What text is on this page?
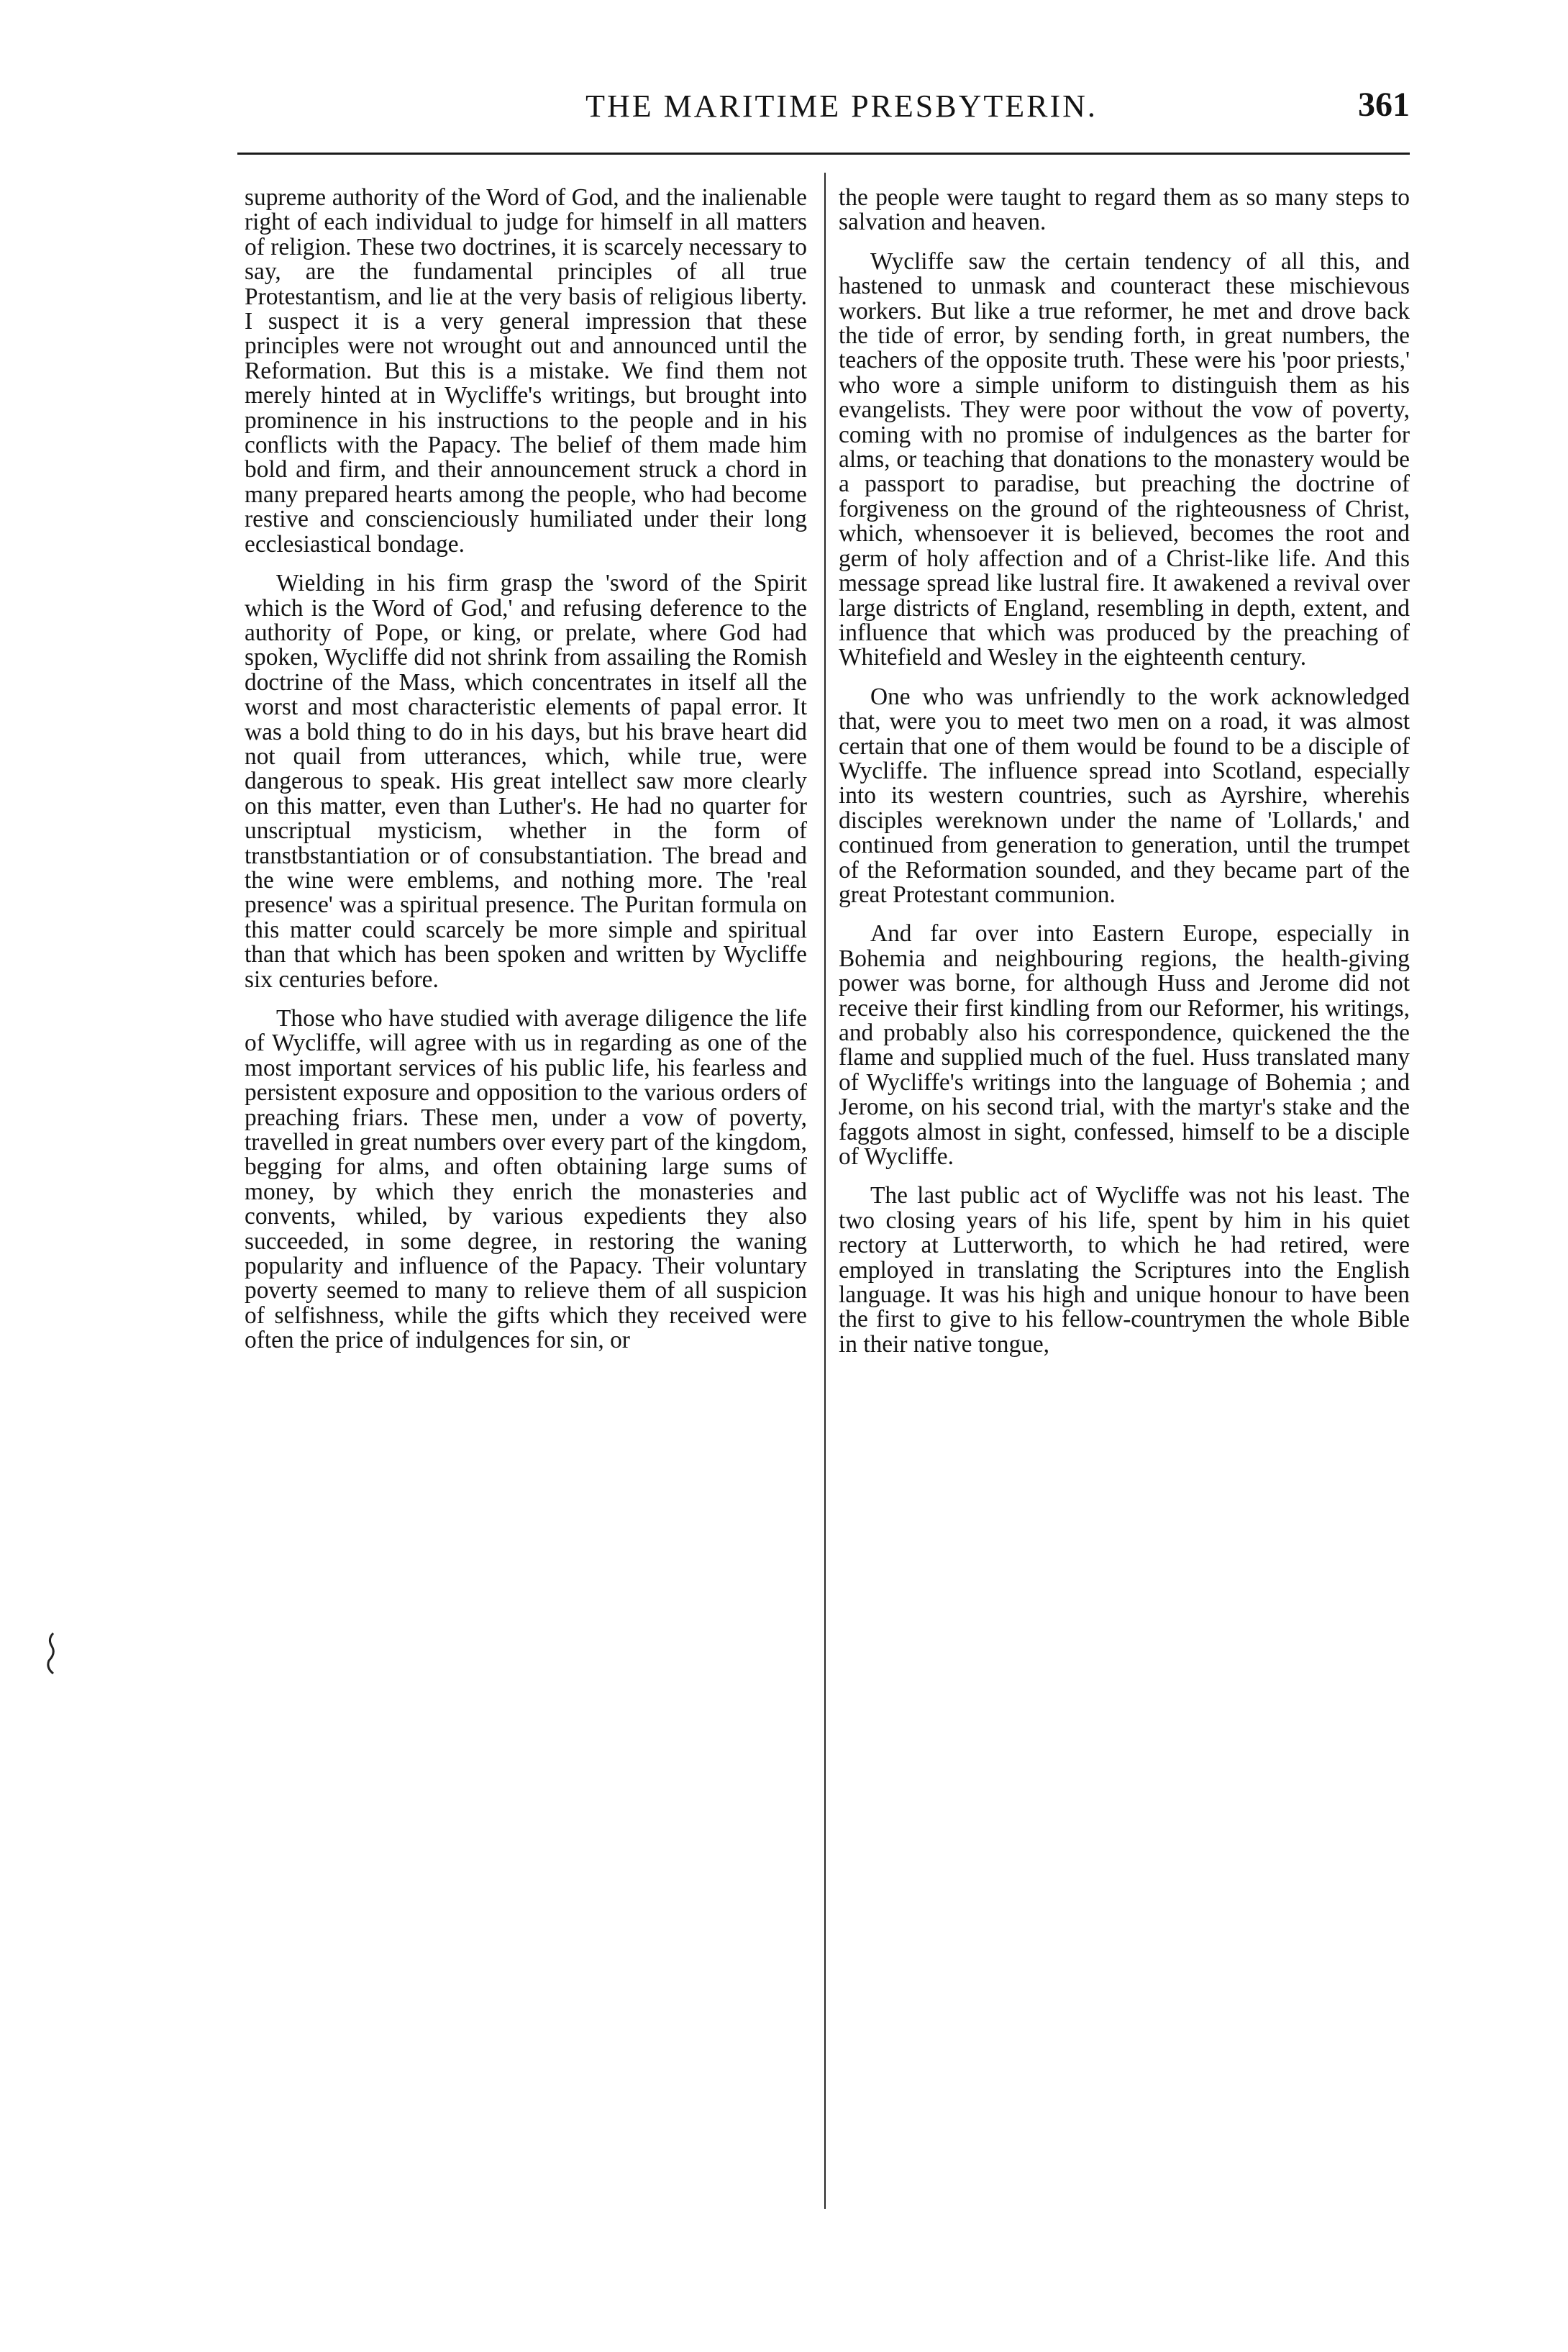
THE MARITIME PRESBYTERIN.	361

supreme authority of the Word of God, and the inalienable right of each individual to judge for himself in all matters of religion. These two doctrines, it is scarcely necessary to say, are the fundamental principles of all true Protestantism, and lie at the very basis of religious liberty. I suspect it is a very general impression that these principles were not wrought out and announced until the Reformation. But this is a mistake. We find them not merely hinted at in Wycliffe's writings, but brought into prominence in his instructions to the people and in his conflicts with the Papacy. The belief of them made him bold and firm, and their announcement struck a chord in many prepared hearts among the people, who had become restive and conscienciously humiliated under their long ecclesiastical bondage.

Wielding in his firm grasp the 'sword of the Spirit which is the Word of God,' and refusing deference to the authority of Pope, or king, or prelate, where God had spoken, Wycliffe did not shrink from assailing the Romish doctrine of the Mass, which concentrates in itself all the worst and most characteristic elements of papal error. It was a bold thing to do in his days, but his brave heart did not quail from utterances, which, while true, were dangerous to speak. His great intellect saw more clearly on this matter, even than Luther's. He had no quarter for unscriptual mysticism, whether in the form of transtbstantiation or of consubstantiation. The bread and the wine were emblems, and nothing more. The 'real presence' was a spiritual presence. The Puritan formula on this matter could scarcely be more simple and spiritual than that which has been spoken and written by Wycliffe six centuries before.

Those who have studied with average diligence the life of Wycliffe, will agree with us in regarding as one of the most important services of his public life, his fearless and persistent exposure and opposition to the various orders of preaching friars. These men, under a vow of poverty, travelled in great numbers over every part of the kingdom, begging for alms, and often obtaining large sums of money, by which they enrich the monasteries and convents, whiled, by various expedients they also succeeded, in some degree, in restoring the waning popularity and influence of the Papacy. Their voluntary poverty seemed to many to relieve them of all suspicion of selfishness, while the gifts which they received were often the price of indulgences for sin, or

the people were taught to regard them as so many steps to salvation and heaven.

Wycliffe saw the certain tendency of all this, and hastened to unmask and counteract these mischievous workers. But like a true reformer, he met and drove back the tide of error, by sending forth, in great numbers, the teachers of the opposite truth. These were his 'poor priests,' who wore a simple uniform to distinguish them as his evangelists. They were poor without the vow of poverty, coming with no promise of indulgences as the barter for alms, or teaching that donations to the monastery would be a passport to paradise, but preaching the doctrine of forgiveness on the ground of the righteousness of Christ, which, whensoever it is believed, becomes the root and germ of holy affection and of a Christ-like life. And this message spread like lustral fire. It awakened a revival over large districts of England, resembling in depth, extent, and influence that which was produced by the preaching of Whitefield and Wesley in the eighteenth century.

One who was unfriendly to the work acknowledged that, were you to meet two men on a road, it was almost certain that one of them would be found to be a disciple of Wycliffe. The influence spread into Scotland, especially into its western countries, such as Ayrshire, wherehis disciples wereknown under the name of 'Lollards,' and continued from generation to generation, until the trumpet of the Reformation sounded, and they became part of the great Protestant communion.

And far over into Eastern Europe, especially in Bohemia and neighbouring regions, the health-giving power was borne, for although Huss and Jerome did not receive their first kindling from our Reformer, his writings, and probably also his correspondence, quickened the the flame and supplied much of the fuel. Huss translated many of Wycliffe's writings into the language of Bohemia ; and Jerome, on his second trial, with the martyr's stake and the faggots almost in sight, confessed, himself to be a disciple of Wycliffe.

The last public act of Wycliffe was not his least. The two closing years of his life, spent by him in his quiet rectory at Lutterworth, to which he had retired, were employed in translating the Scriptures into the English language. It was his high and unique honour to have been the first to give to his fellow-countrymen the whole Bible in their native tongue,
